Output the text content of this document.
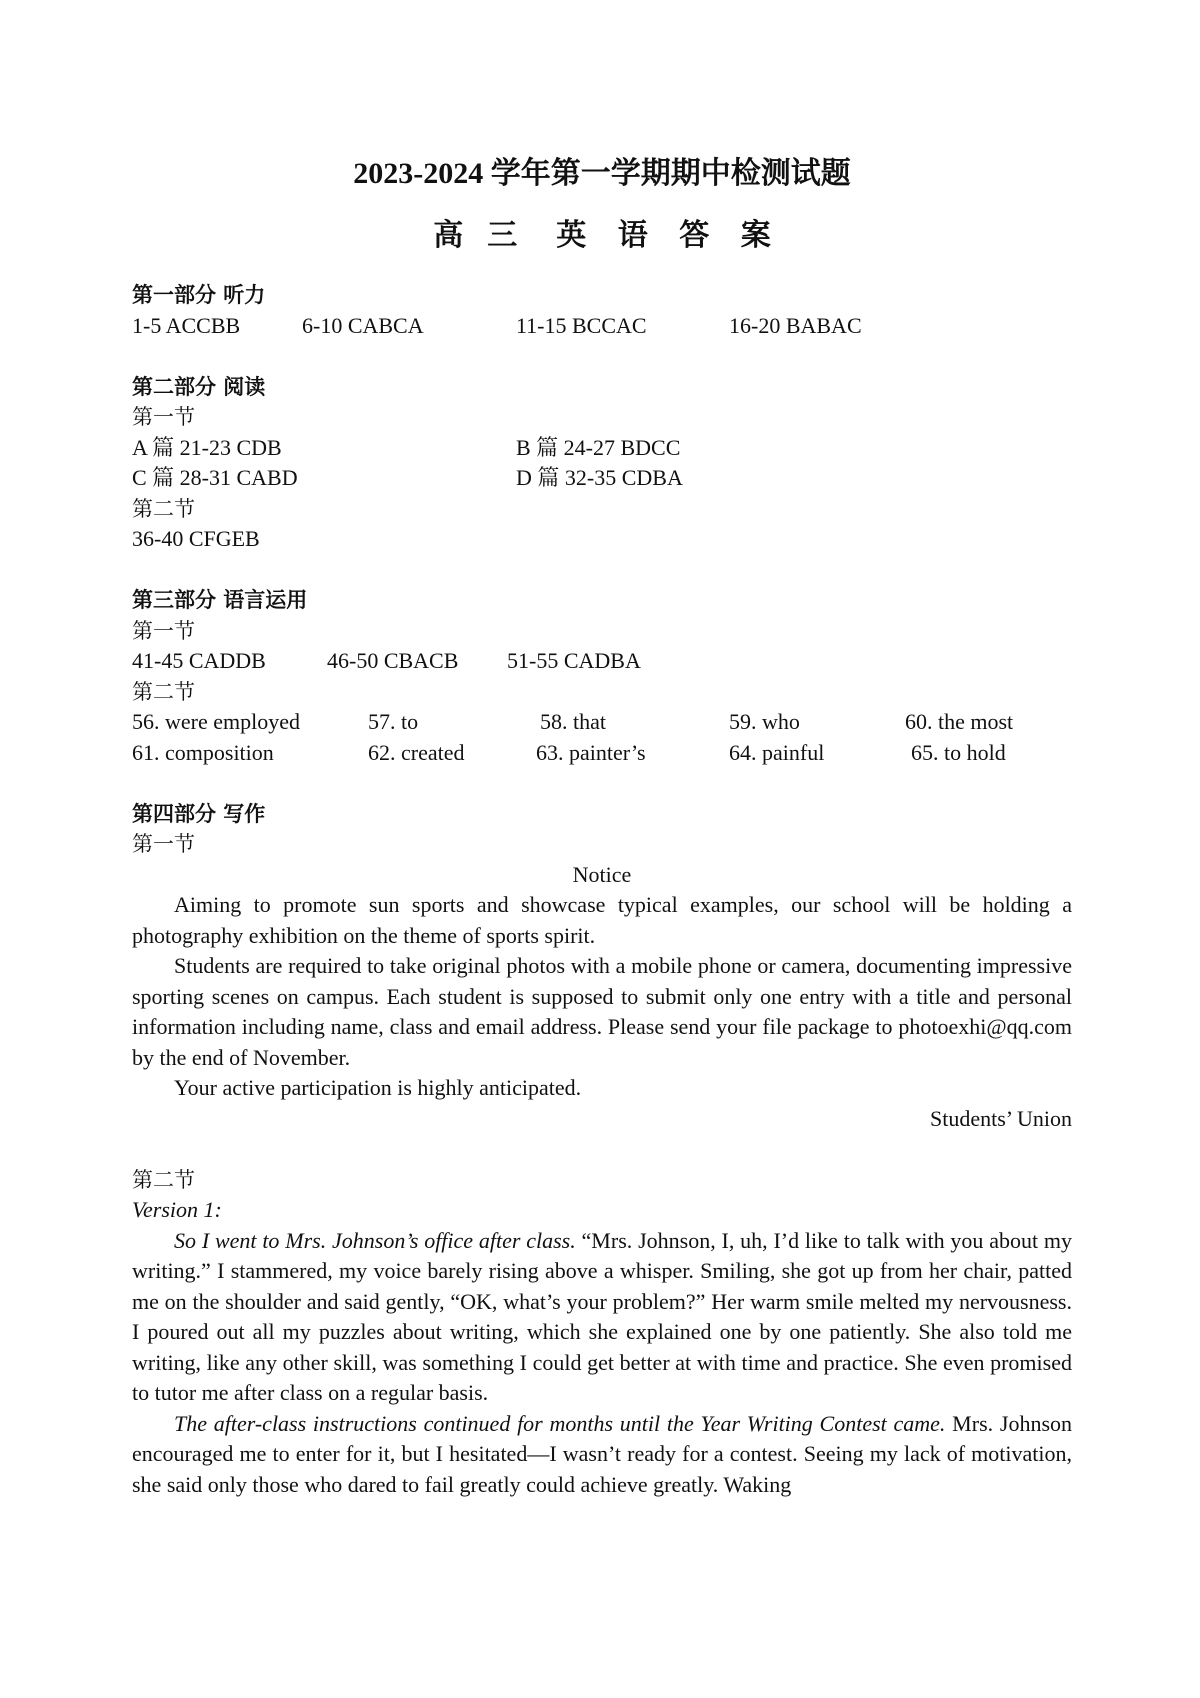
2023-2024 学年第一学期期中检测试题
高 三 英 语 答 案
第一部分 听力
1-5 ACCBB	6-10 CABCA	11-15 BCCAC	16-20 BABAC
第二部分 阅读
第一节
A 篇 21-23 CDB	B 篇 24-27 BDCC
C 篇 28-31 CABD	D 篇 32-35 CDBA
第二节
36-40 CFGEB
第三部分 语言运用
第一节
41-45 CADDB	46-50 CBACB 51-55 CADBA
第二节
56. were employed	57. to	58. that	59. who	60. the most
61. composition	62. created	63. painter’s	64. painful	65. to hold
第四部分 写作
第一节
Notice

Aiming to promote sun sports and showcase typical examples, our school will be holding a photography exhibition on the theme of sports spirit.

Students are required to take original photos with a mobile phone or camera, documenting impressive sporting scenes on campus. Each student is supposed to submit only one entry with a title and personal information including name, class and email address. Please send your file package to photoexhi@qq.com by the end of November.

Your active participation is highly anticipated.

Students’ Union
第二节
Version 1:

So I went to Mrs. Johnson’s office after class. “Mrs. Johnson, I, uh, I’d like to talk with you about my writing.” I stammered, my voice barely rising above a whisper. Smiling, she got up from her chair, patted me on the shoulder and said gently, “OK, what’s your problem?” Her warm smile melted my nervousness. I poured out all my puzzles about writing, which she explained one by one patiently. She also told me writing, like any other skill, was something I could get better at with time and practice. She even promised to tutor me after class on a regular basis.

The after-class instructions continued for months until the Year Writing Contest came. Mrs. Johnson encouraged me to enter for it, but I hesitated—I wasn’t ready for a contest. Seeing my lack of motivation, she said only those who dared to fail greatly could achieve greatly. Waking
